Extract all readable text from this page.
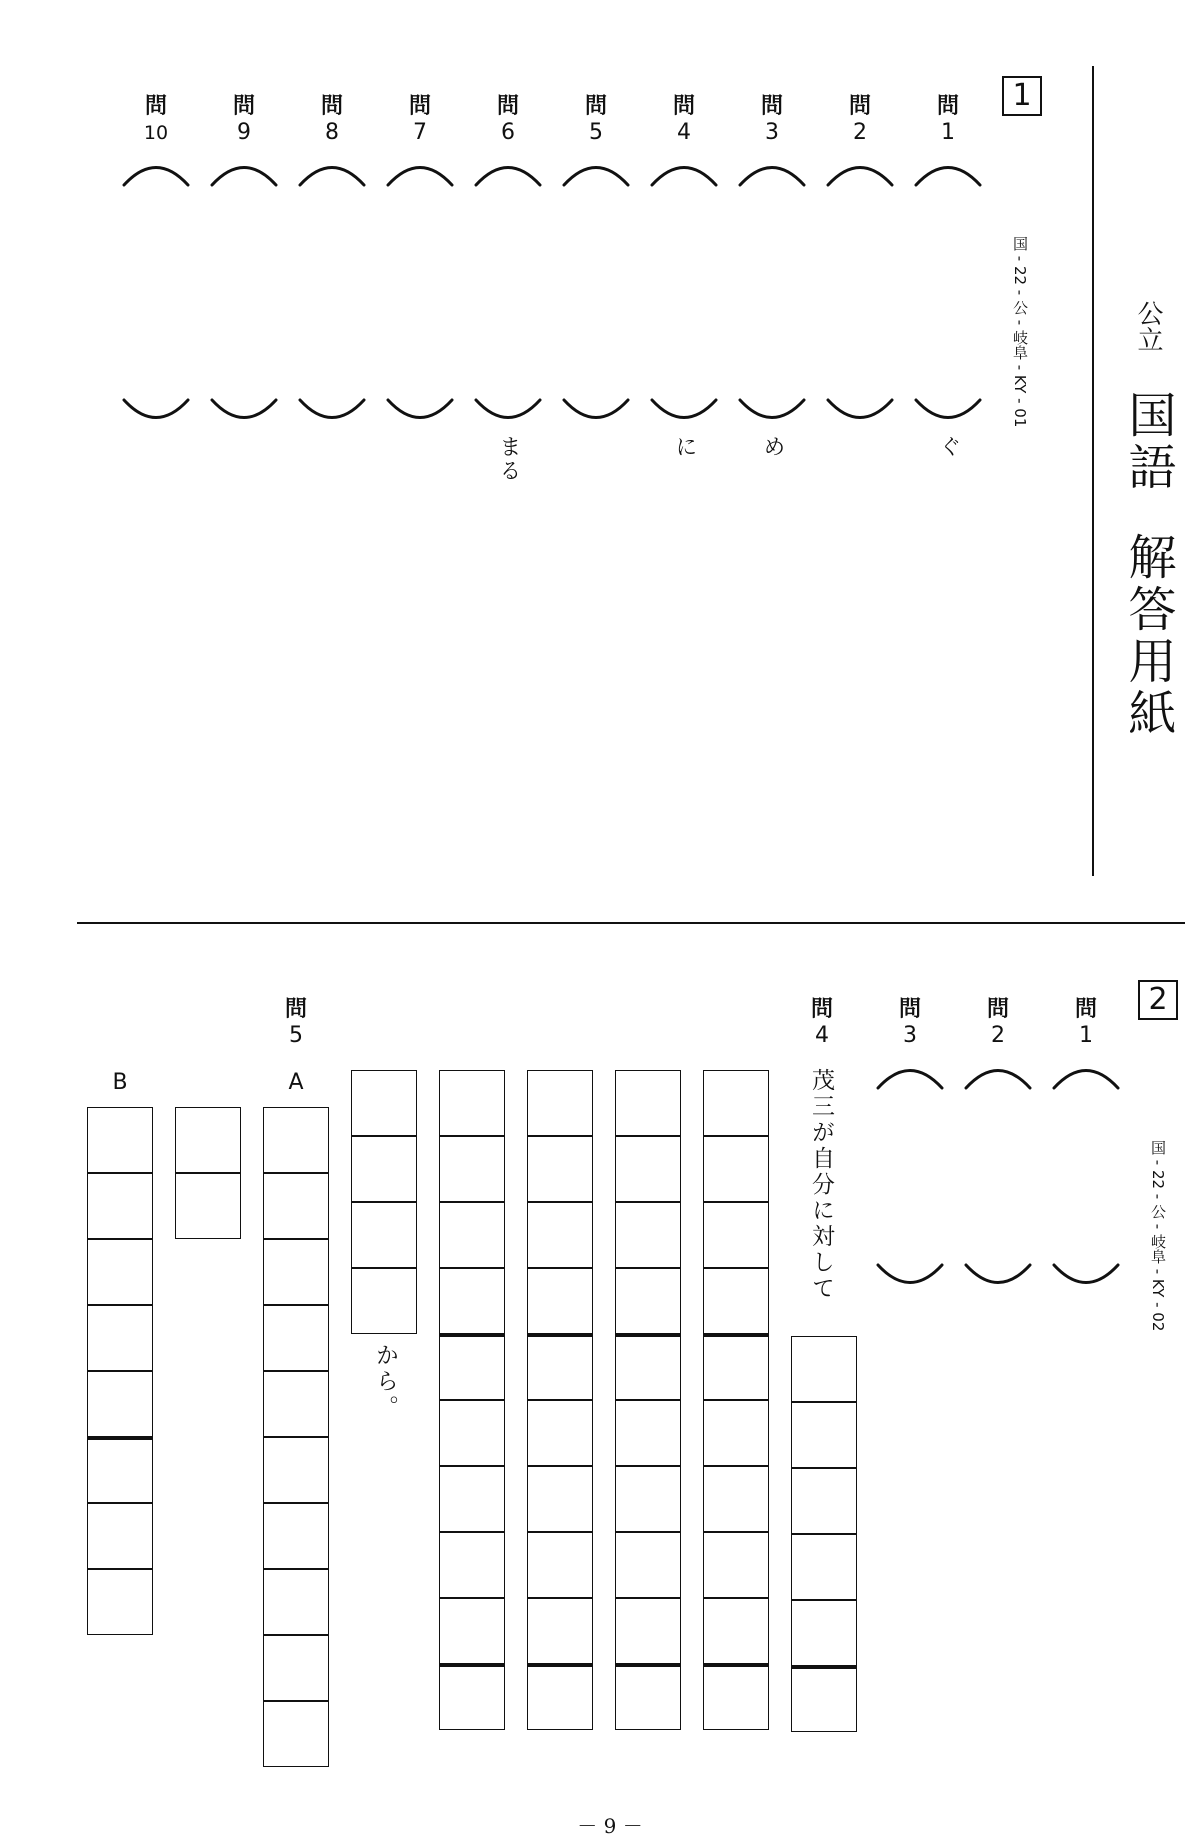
公立
国語
解答用紙
1
国 - 22 - 公 - 岐阜 - KY - 01
問
1
問
2
問
3
問
4
問
5
問
6
問
7
問
8
問
9
問
10
ぐ
め
に
まる
2
国 - 22 - 公 - 岐阜 - KY - 02
問
1
問
2
問
3
問
4
問
5
茂三が自分に対して
A
B
から。
－ 9 －
